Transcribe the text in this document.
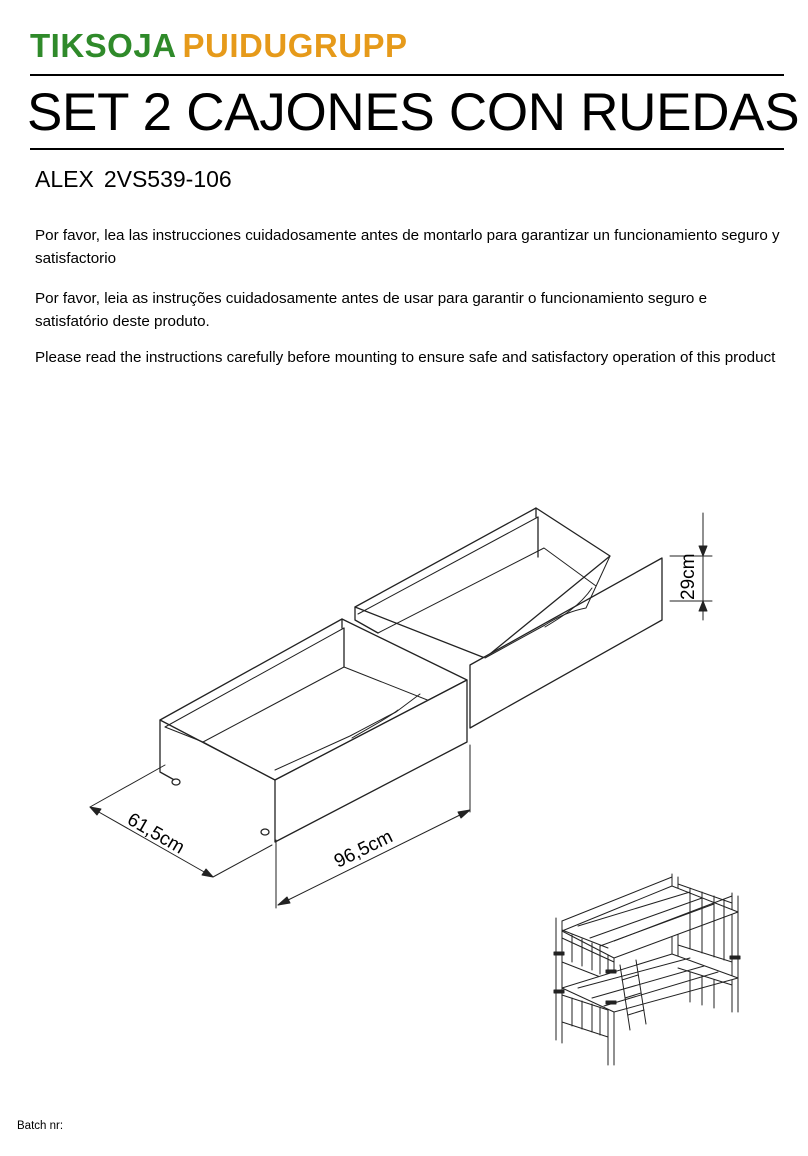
TIKSOJA PUIDUGRUPP
SET 2 CAJONES CON RUEDAS
ALEX 2VS539-106

Por favor, lea las instrucciones cuidadosamente antes de montarlo para garantizar un funcionamiento seguro y satisfactorio

Por favor, leia as instruções cuidadosamente antes de usar para garantir o funcionamiento seguro e satisfatório deste produto.

Please read the instructions carefully before mounting to ensure safe and satisfactory operation of this product

29cm
61,5cm	96,5cm
Batch nr:
